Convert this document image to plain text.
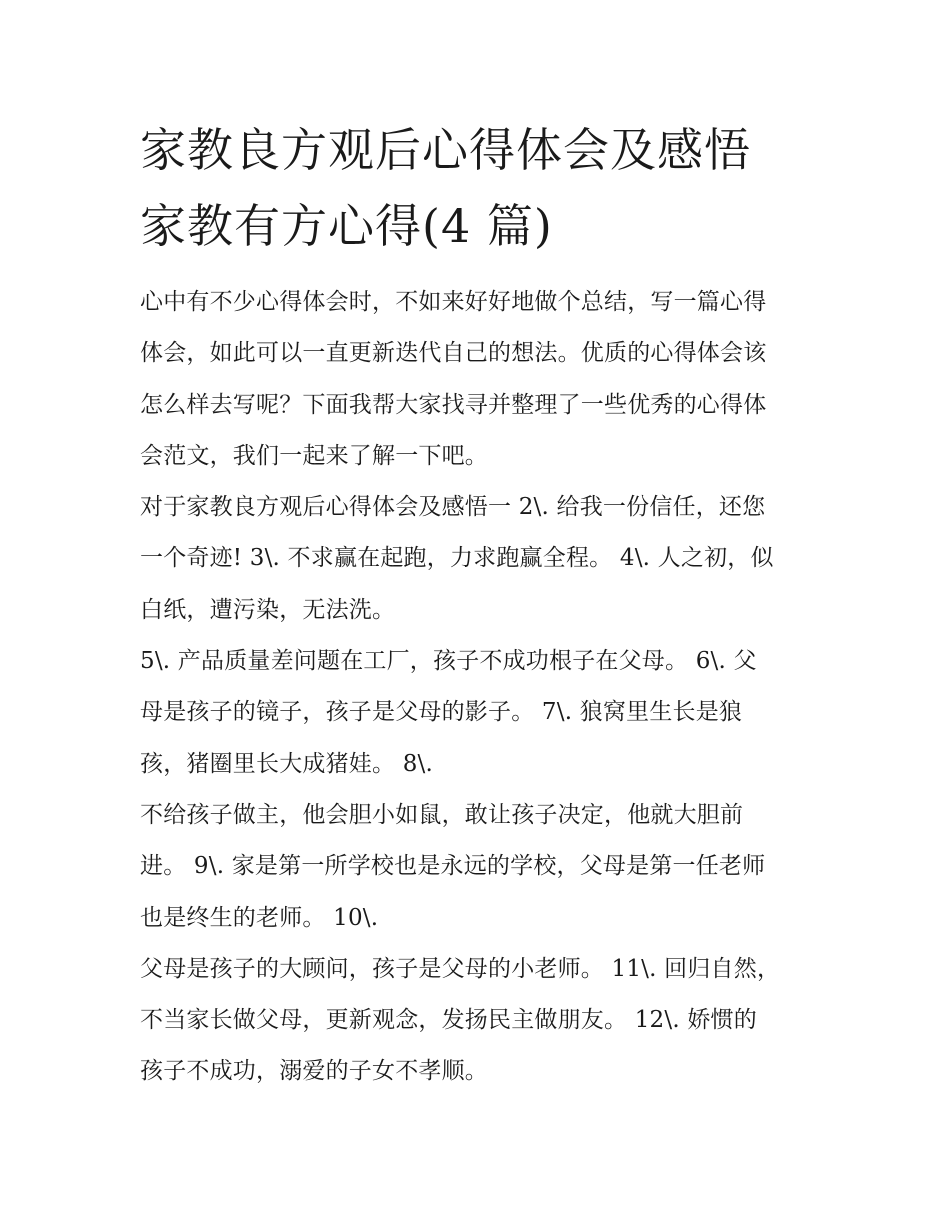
家教良方观后心得体会及感悟
家教有方心得(4 篇)
心中有不少心得体会时，不如来好好地做个总结，写一篇心得
体会，如此可以一直更新迭代自己的想法。优质的心得体会该
怎么样去写呢？下面我帮大家找寻并整理了一些优秀的心得体
会范文，我们一起来了解一下吧。
对于家教良方观后心得体会及感悟一 2\. 给我一份信任，还您
一个奇迹! 3\. 不求赢在起跑，力求跑赢全程。 4\. 人之初，似
白纸，遭污染，无法洗。
5\. 产品质量差问题在工厂，孩子不成功根子在父母。 6\. 父
母是孩子的镜子，孩子是父母的影子。 7\. 狼窝里生长是狼
孩，猪圈里长大成猪娃。 8\.
不给孩子做主，他会胆小如鼠，敢让孩子决定，他就大胆前
进。 9\. 家是第一所学校也是永远的学校，父母是第一任老师
也是终生的老师。 10\.
父母是孩子的大顾问，孩子是父母的小老师。 11\. 回归自然，
不当家长做父母，更新观念，发扬民主做朋友。 12\. 娇惯的
孩子不成功，溺爱的子女不孝顺。
